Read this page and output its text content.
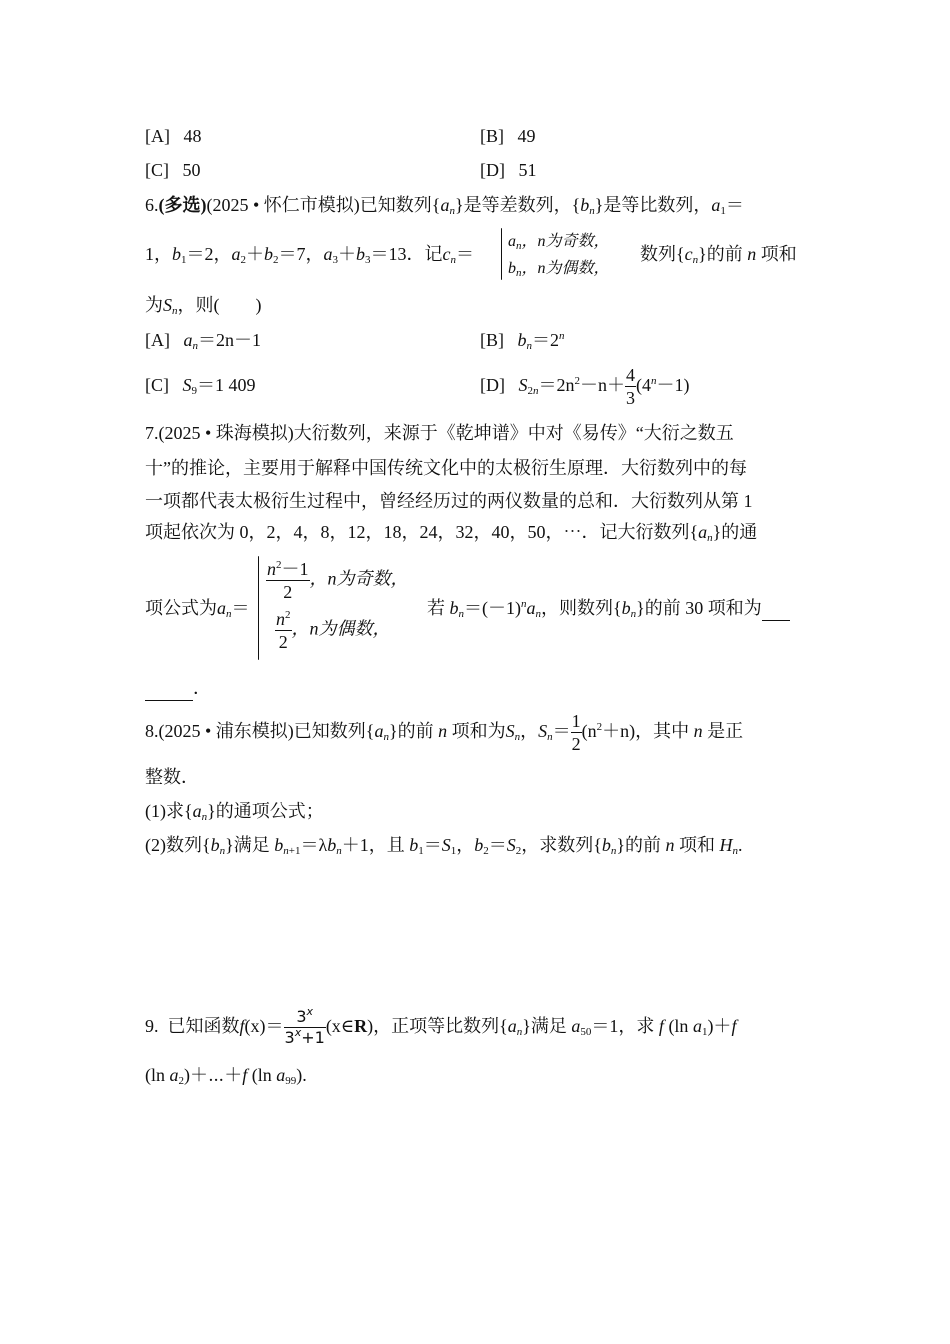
[A] 48	[B] 49
[C] 50	[D] 51
6.(多选)(2025 • 怀仁市模拟)已知数列$\{a_n\}$是等差数列，$\{b_n\}$是等比数列，$a_1=$
1，$b_1=2$，$a_2+b_2=7$，$a_3+b_3=13$．记$c_n=$
$a_n$，n为奇数，
$b_n$，n为偶数，
数列$\{c_n\}$的前 n 项和
为$S_n$，则(　　)
[A] $a_n=2n-1$	[B] $b_n=2^n$
[C] $S_9=1$ 409	[D] $S_{2n}=2n^2-n+ \frac{4}{3} (4^n-1)$
7.(2025 • 珠海模拟)大衍数列，来源于《乾坤谱》中对《易传》“大衍之数五
十”的推论，主要用于解释中国传统文化中的太极衍生原理．大衍数列中的每
一项都代表太极衍生过程中，曾经经历过的两仪数量的总和．大衍数列从第 1
项起依次为 0，2，4，8，12，18，24，32，40，50，⋯．记大衍数列$\{a_n\}$的通
项公式为$a_n=$
$\frac{n^2-1}{2}$ ，n为奇数，
$\frac{n^2}{2}$ ，n为偶数，
若 $b_n=(-1)^na_n$，则数列$\{b_n\}$的前 30 项和为
．
8.(2025 • 浦东模拟)已知数列$\{a_n\}$的前 n 项和为$S_n$，$S_n= \frac{1}{2} (n^2+n)$，其中 n 是正
整数．
(1)求$\{a_n\}$的通项公式；
(2)数列$\{b_n\}$满足 $b_{n+1}=\lambda b_n+1$，且 $b_1=S_1$，$b_2=S_2$，求数列$\{b_n\}$的前 n 项和 $H_n$.
9. 已知函数$f(x)= \frac{3^x}{3^x+1}$ (x∈R)，正项等比数列$\{a_n\}$满足 $a_{50}=1$，求 f (ln $a_1)+f$
(ln $a_2)+\cdots+f$ (ln $a_{99}$).
